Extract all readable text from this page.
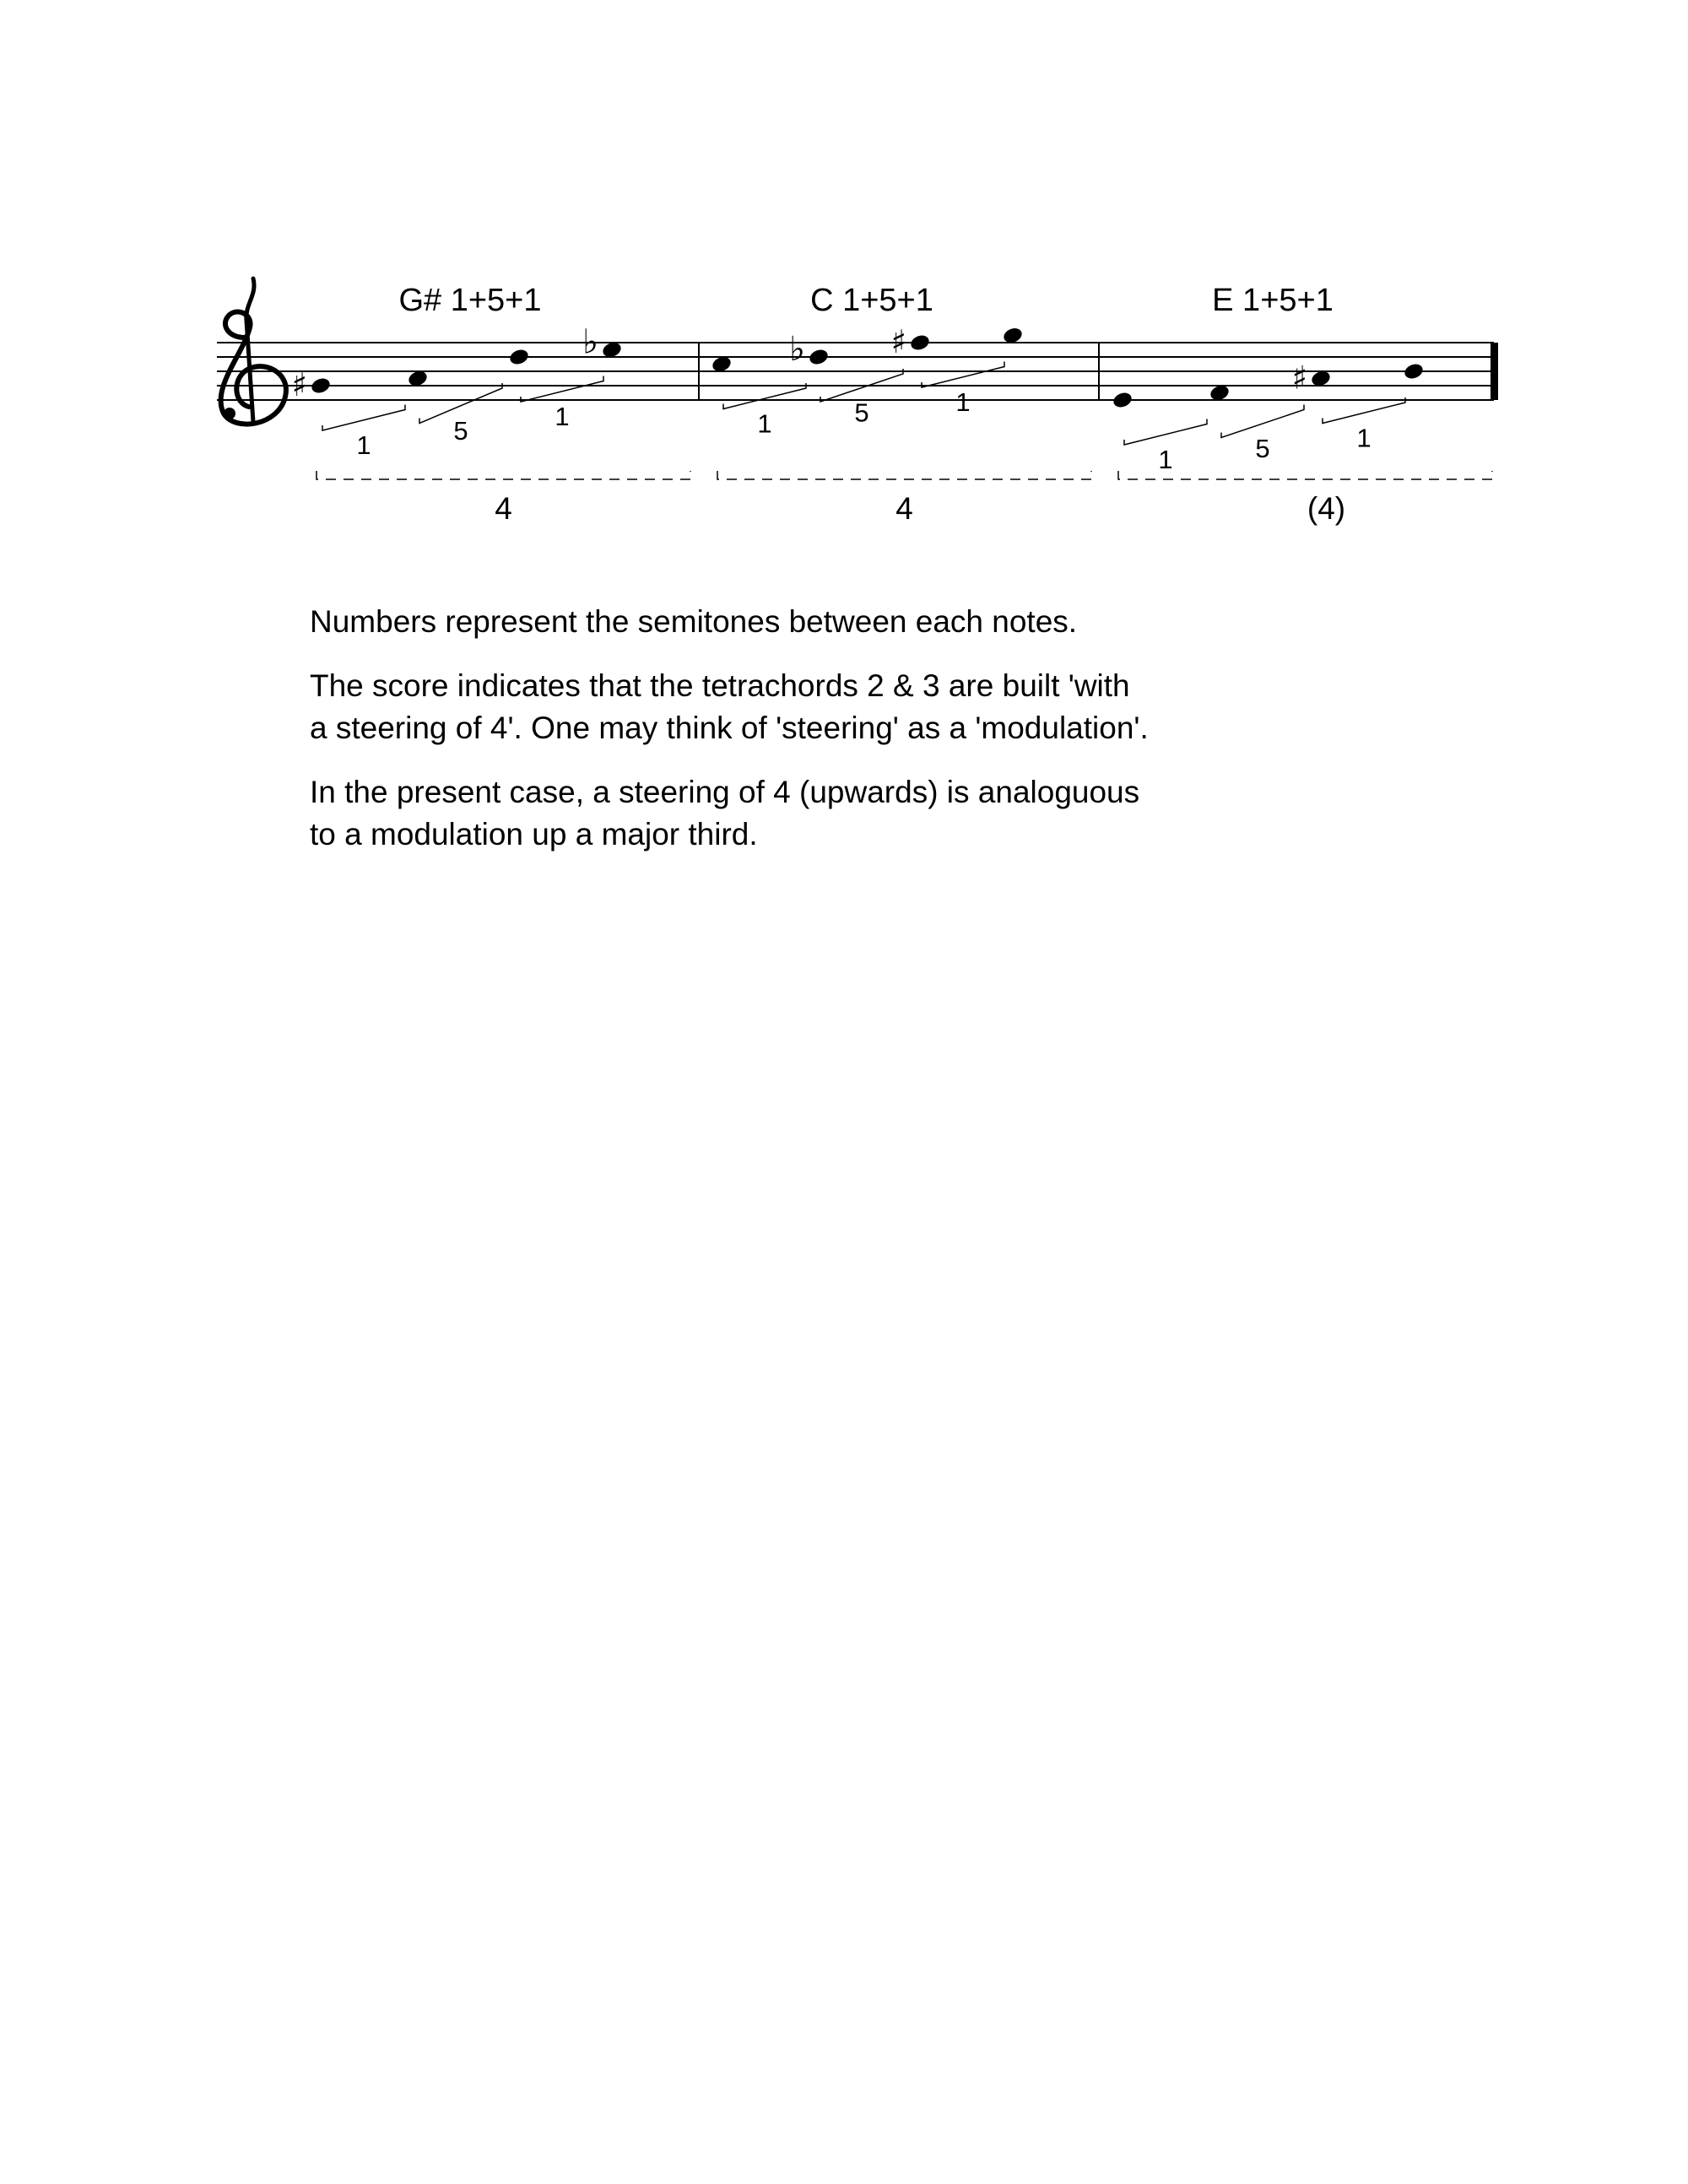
G# 1+5+1
♯
♭
1	5	1
4
C 1+5+1
♭	♯
1	5	1
4
E 1+5+1
♯
1	5	1
(4)

Numbers represent the semitones between each notes.

The score indicates that the tetrachords 2 & 3 are built 'with
a steering of 4'. One may think of 'steering' as a 'modulation'.

In the present case, a steering of 4 (upwards) is analoguous
to a modulation up a major third.
